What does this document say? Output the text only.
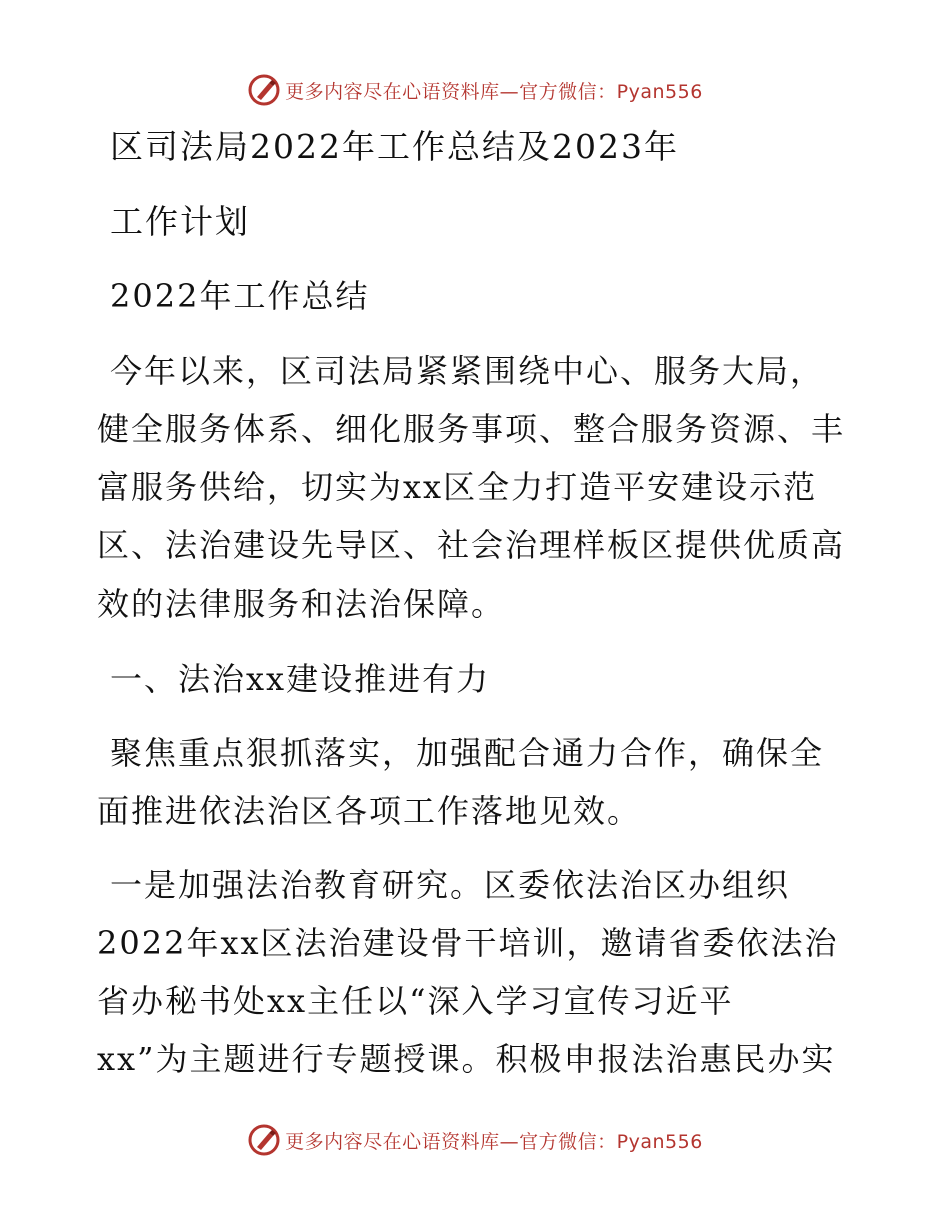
更多内容尽在心语资料库—官方微信：Pyan556
区司法局2022年工作总结及2023年
工作计划
2022年工作总结
今年以来，区司法局紧紧围绕中心、服务大局，
健全服务体系、细化服务事项、整合服务资源、丰
富服务供给，切实为xx区全力打造平安建设示范
区、法治建设先导区、社会治理样板区提供优质高
效的法律服务和法治保障。
一、法治xx建设推进有力
聚焦重点狠抓落实，加强配合通力合作，确保全
面推进依法治区各项工作落地见效。
一是加强法治教育研究。区委依法治区办组织
2022年xx区法治建设骨干培训，邀请省委依法治
省办秘书处xx主任以“深入学习宣传习近平
xx”为主题进行专题授课。积极申报法治惠民办实
更多内容尽在心语资料库—官方微信：Pyan556
